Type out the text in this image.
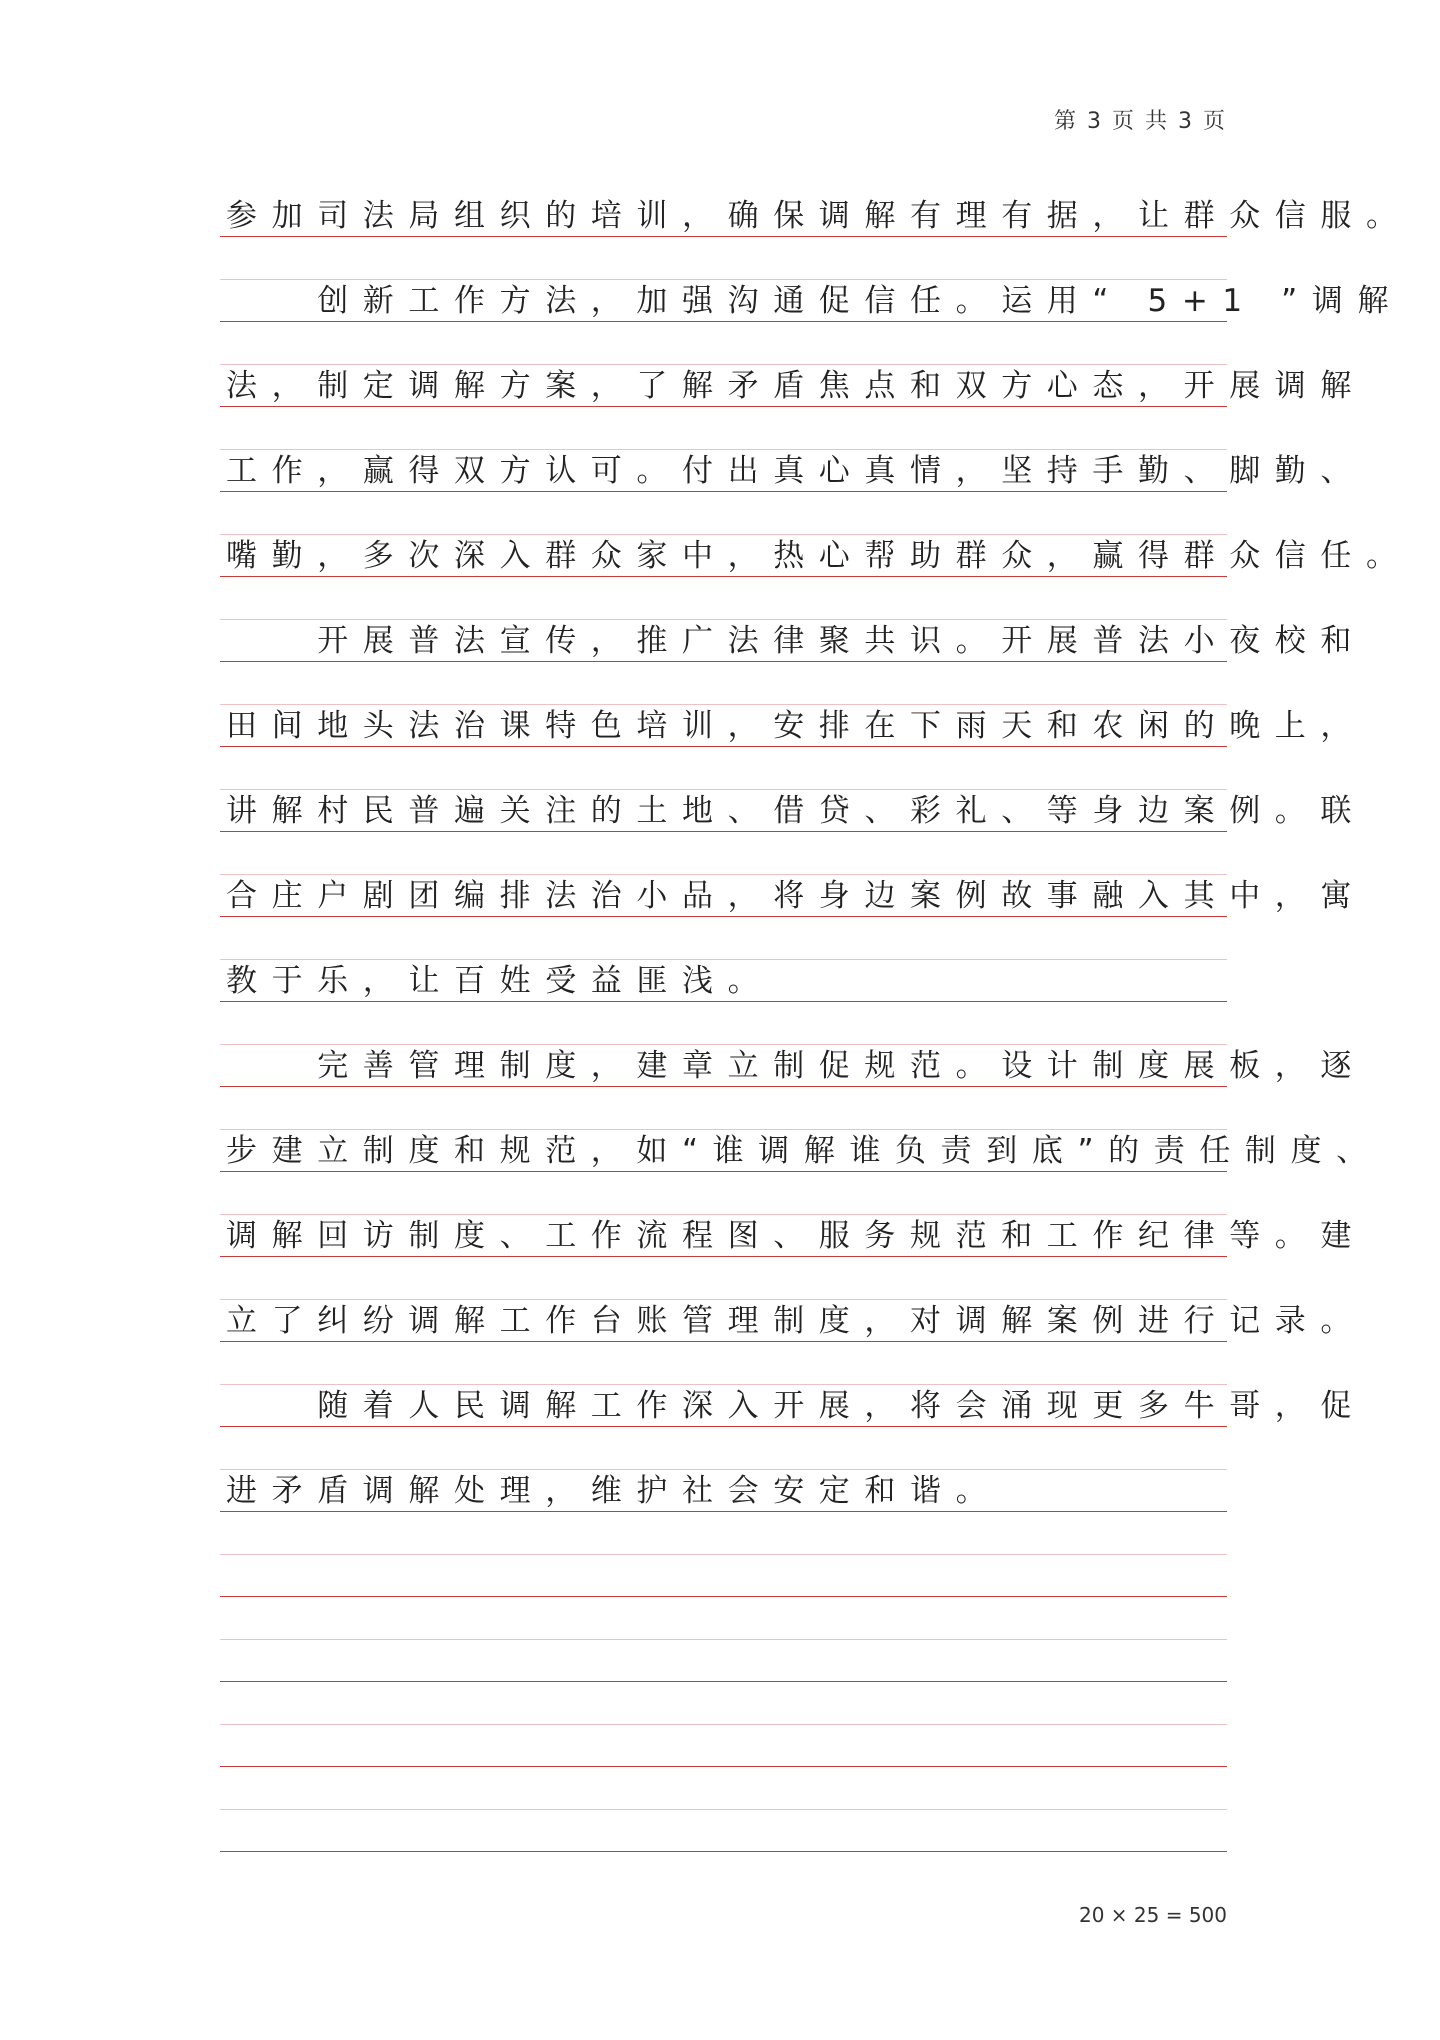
第 3 页 共 3 页
参加司法局组织的培训，确保调解有理有据，让群众信服。
　　创新工作方法，加强沟通促信任。运用“ 5+1 ”调解
法，制定调解方案，了解矛盾焦点和双方心态，开展调解
工作，赢得双方认可。付出真心真情，坚持手勤、脚勤、
嘴勤，多次深入群众家中，热心帮助群众，赢得群众信任。
　　开展普法宣传，推广法律聚共识。开展普法小夜校和
田间地头法治课特色培训，安排在下雨天和农闲的晚上，
讲解村民普遍关注的土地、借贷、彩礼、等身边案例。联
合庄户剧团编排法治小品，将身边案例故事融入其中，寓
教于乐，让百姓受益匪浅。
　　完善管理制度，建章立制促规范。设计制度展板，逐
步建立制度和规范，如“谁调解谁负责到底”的责任制度、
调解回访制度、工作流程图、服务规范和工作纪律等。建
立了纠纷调解工作台账管理制度，对调解案例进行记录。
　　随着人民调解工作深入开展，将会涌现更多牛哥，促
进矛盾调解处理，维护社会安定和谐。
20 × 25 = 500
